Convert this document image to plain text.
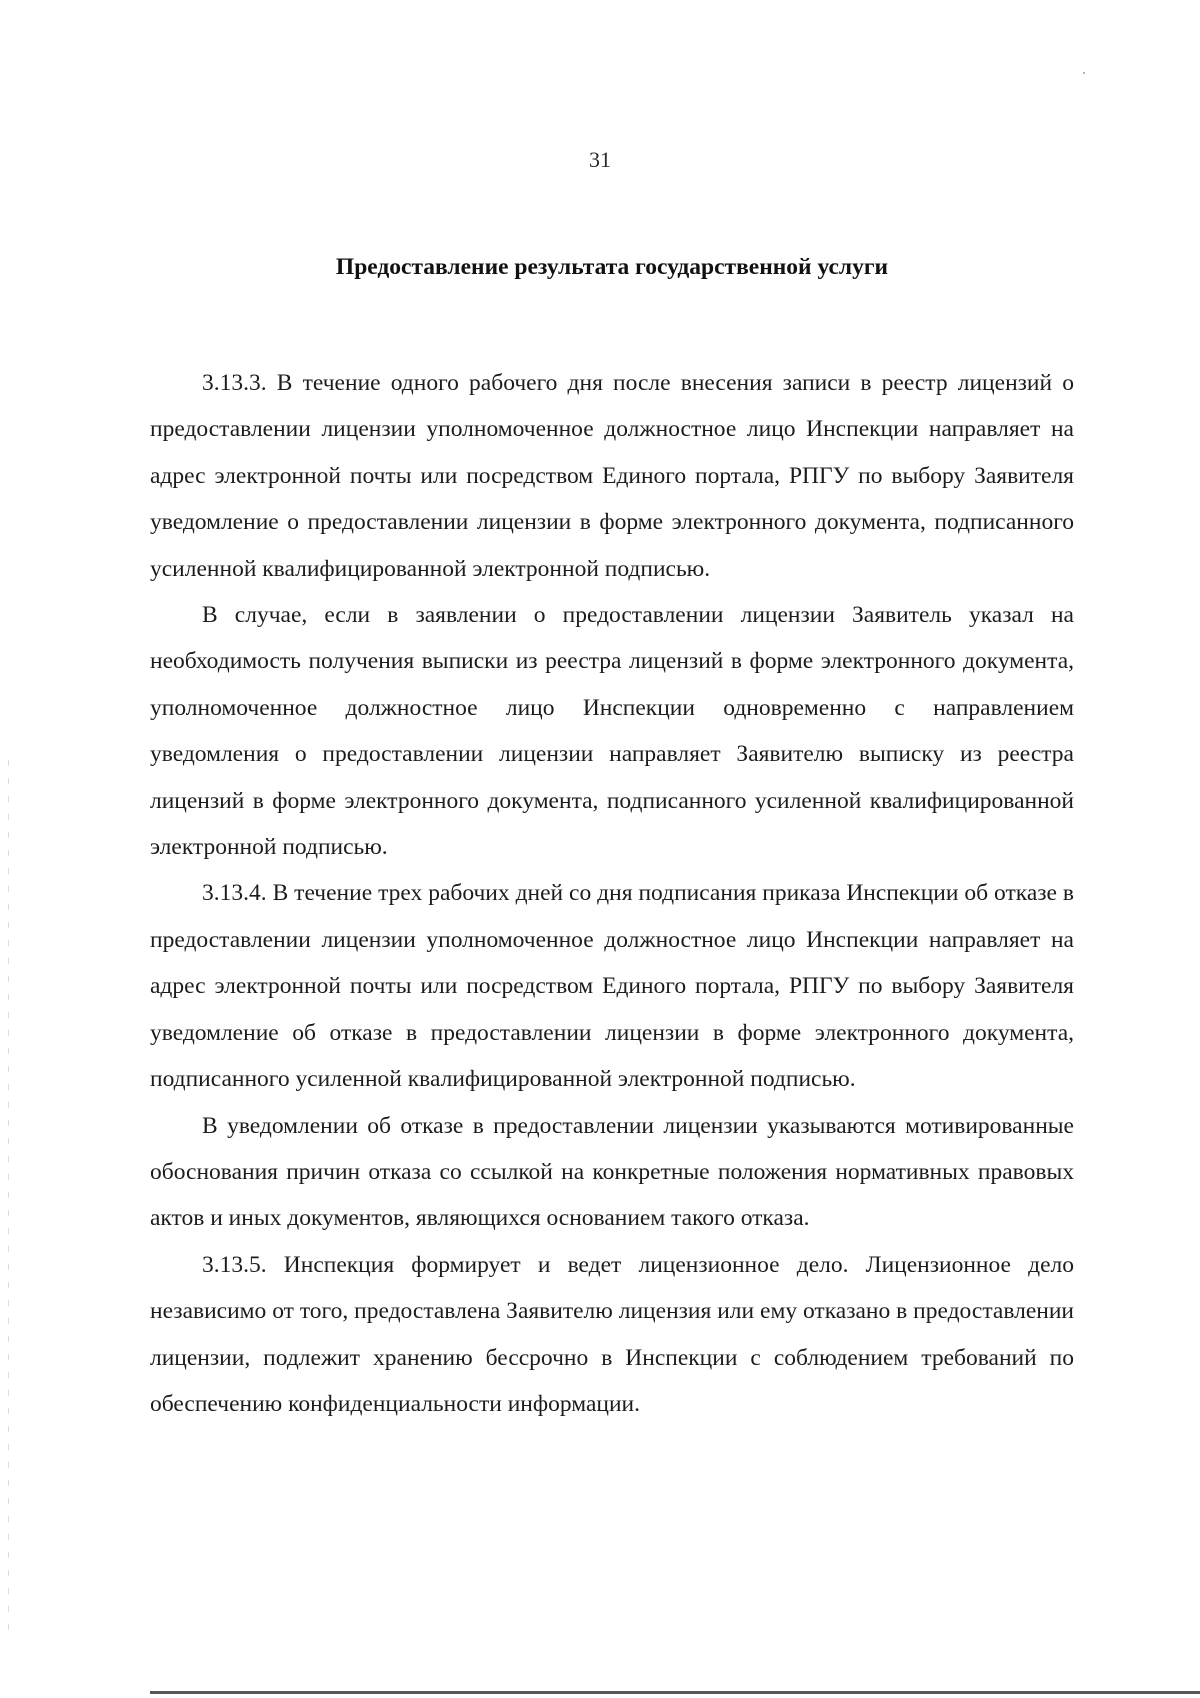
31
Предоставление результата государственной услуги

3.13.3. В течение одного рабочего дня после внесения записи в реестр лицензий о предоставлении лицензии уполномоченное должностное лицо Инспекции направляет на адрес электронной почты или посредством Единого портала, РПГУ по выбору Заявителя уведомление о предоставлении лицензии в форме электронного документа, подписанного усиленной квалифицированной электронной подписью.

В случае, если в заявлении о предоставлении лицензии Заявитель указал на необходимость получения выписки из реестра лицензий в форме электронного документа, уполномоченное должностное лицо Инспекции одновременно с направлением уведомления о предоставлении лицензии направляет Заявителю выписку из реестра лицензий в форме электронного документа, подписанного усиленной квалифицированной электронной подписью.

3.13.4. В течение трех рабочих дней со дня подписания приказа Инспекции об отказе в предоставлении лицензии уполномоченное должностное лицо Инспекции направляет на адрес электронной почты или посредством Единого портала, РПГУ по выбору Заявителя уведомление об отказе в предоставлении лицензии в форме электронного документа, подписанного усиленной квалифицированной электронной подписью.

В уведомлении об отказе в предоставлении лицензии указываются мотивированные обоснования причин отказа со ссылкой на конкретные положения нормативных правовых актов и иных документов, являющихся основанием такого отказа.

3.13.5. Инспекция формирует и ведет лицензионное дело. Лицензионное дело независимо от того, предоставлена Заявителю лицензия или ему отказано в предоставлении лицензии, подлежит хранению бессрочно в Инспекции с соблюдением требований по обеспечению конфиденциальности информации.
